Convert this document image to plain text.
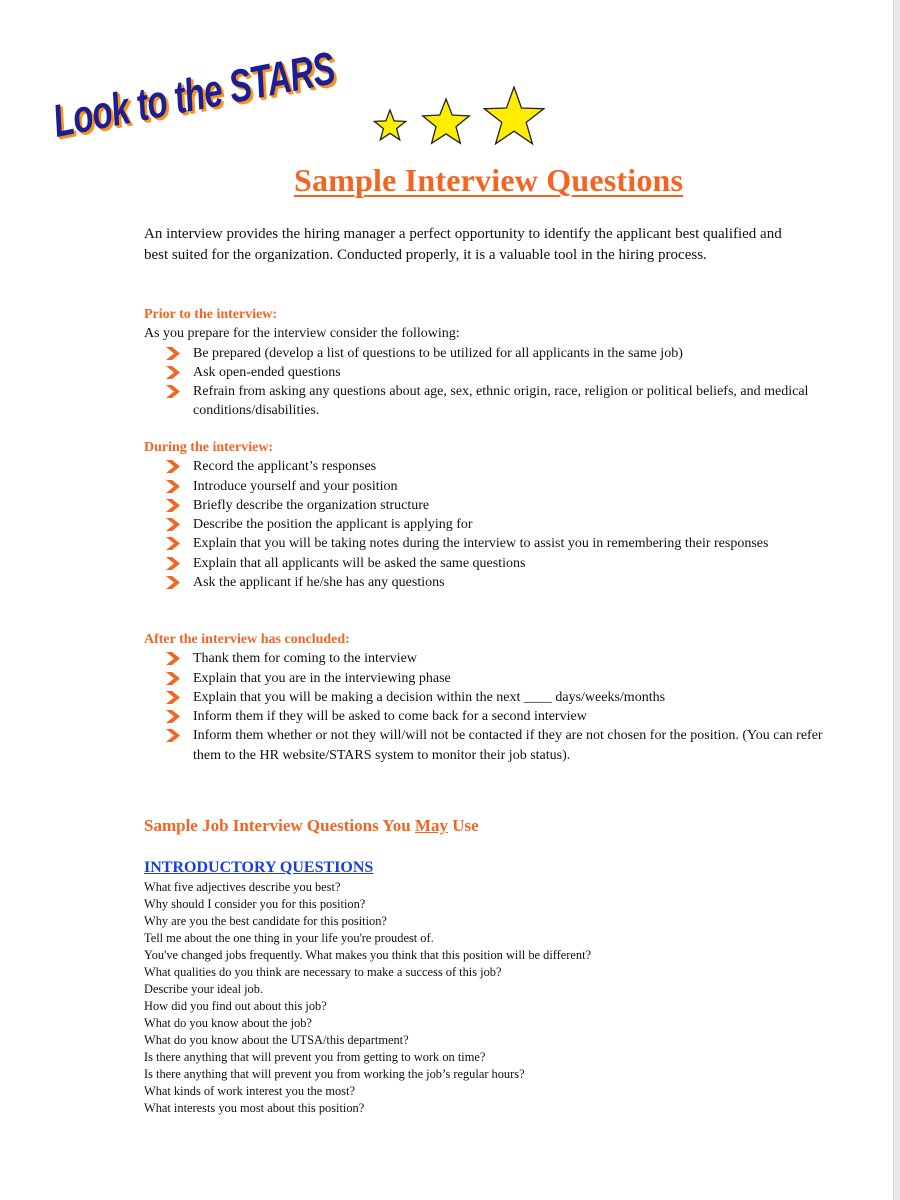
Look to the STARS
Sample Interview Questions
An interview provides the hiring manager a perfect opportunity to identify the applicant best qualified and best suited for the organization. Conducted properly, it is a valuable tool in the hiring process.
Prior to the interview:
As you prepare for the interview consider the following:
Be prepared (develop a list of questions to be utilized for all applicants in the same job)
Ask open-ended questions
Refrain from asking any questions about age, sex, ethnic origin, race, religion or political beliefs, and medical conditions/disabilities.
During the interview:
Record the applicant’s responses
Introduce yourself and your position
Briefly describe the organization structure
Describe the position the applicant is applying for
Explain that you will be taking notes during the interview to assist you in remembering their responses
Explain that all applicants will be asked the same questions
Ask the applicant if he/she has any questions
After the interview has concluded:
Thank them for coming to the interview
Explain that you are in the interviewing phase
Explain that you will be making a decision within the next ____ days/weeks/months
Inform them if they will be asked to come back for a second interview
Inform them whether or not they will/will not be contacted if they are not chosen for the position. (You can refer them to the HR website/STARS system to monitor their job status).
Sample Job Interview Questions You May Use
INTRODUCTORY QUESTIONS
What five adjectives describe you best?
Why should I consider you for this position?
Why are you the best candidate for this position?
Tell me about the one thing in your life you're proudest of.
You've changed jobs frequently. What makes you think that this position will be different?
What qualities do you think are necessary to make a success of this job?
Describe your ideal job.
How did you find out about this job?
What do you know about the job?
What do you know about the UTSA/this department?
Is there anything that will prevent you from getting to work on time?
Is there anything that will prevent you from working the job’s regular hours?
What kinds of work interest you the most?
What interests you most about this position?
